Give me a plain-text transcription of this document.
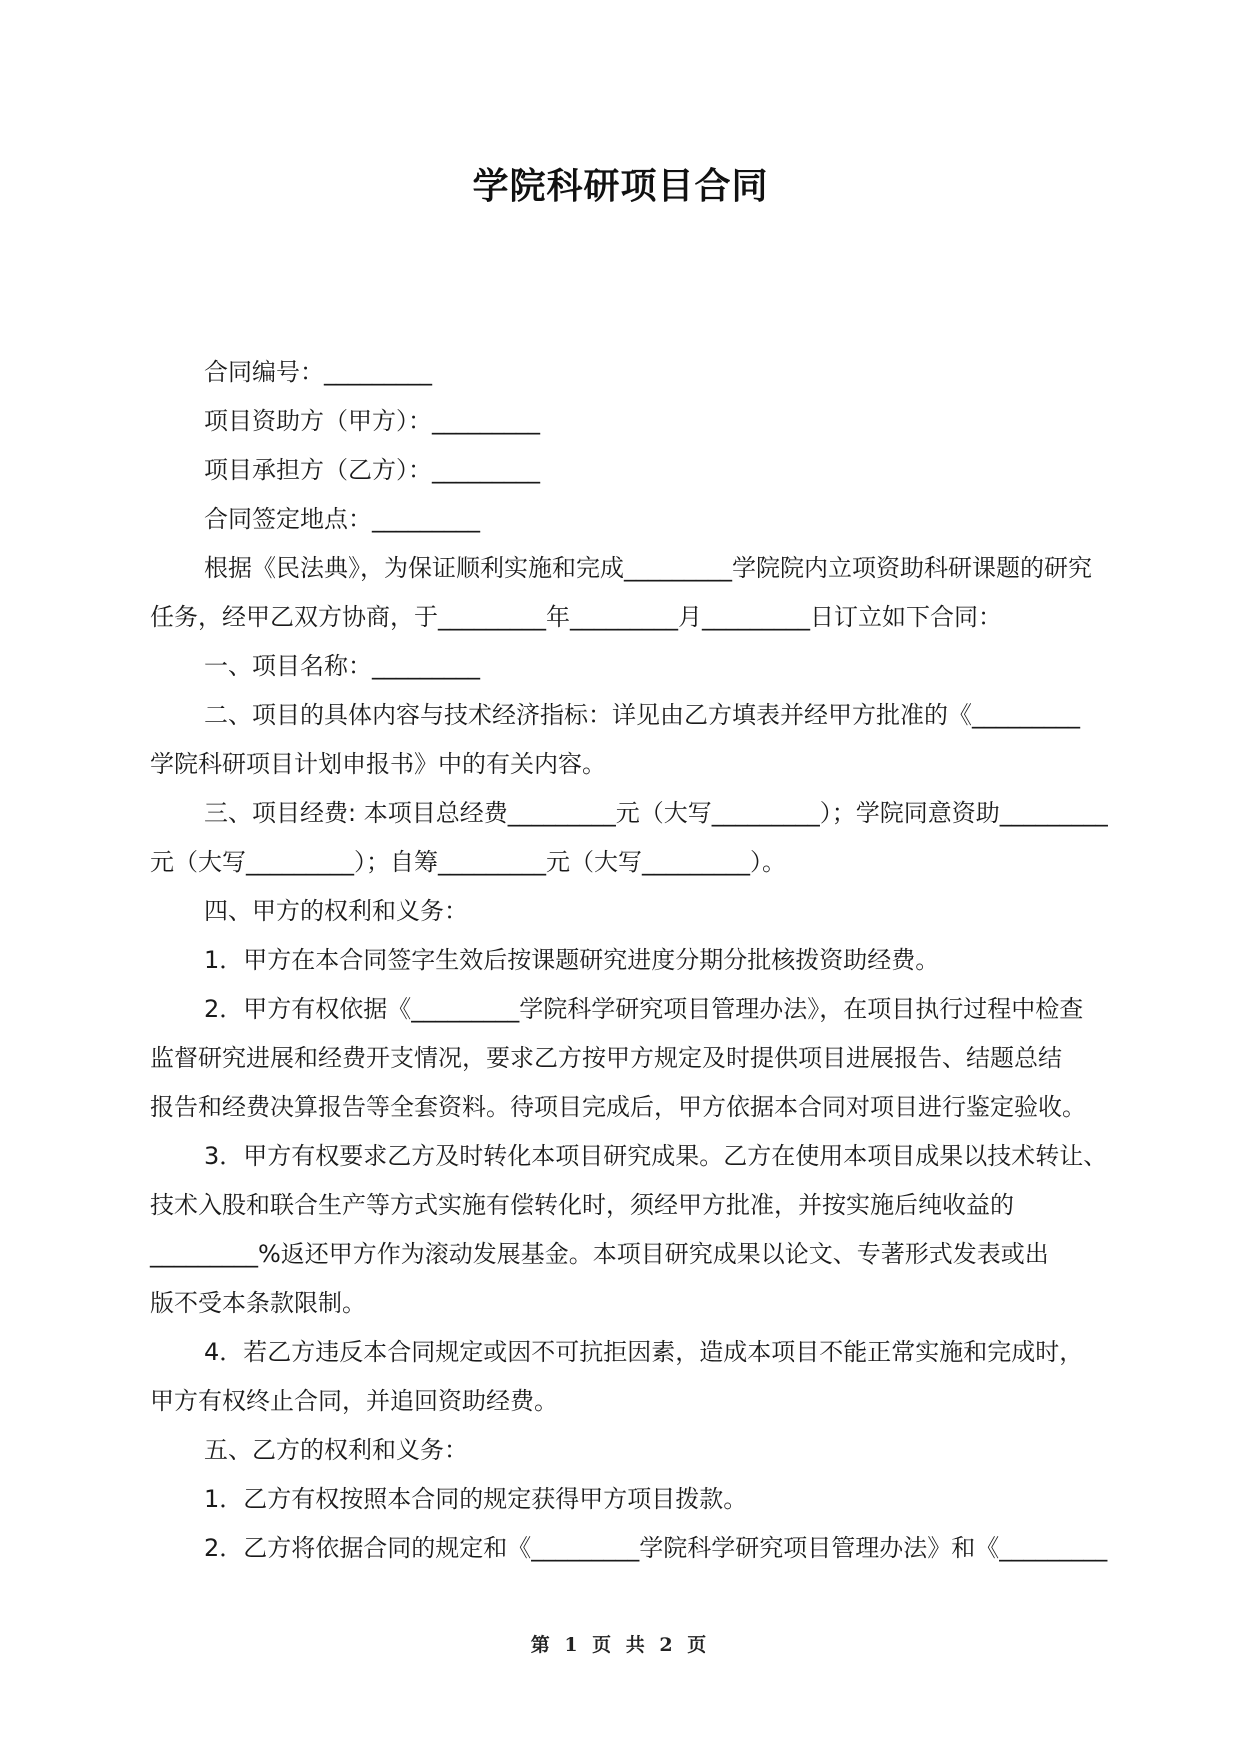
学院科研项目合同
合同编号：_________
项目资助方（甲方）：_________
项目承担方（乙方）：_________
合同签定地点：_________
根据《民法典》，为保证顺利实施和完成_________学院院内立项资助科研课题的研究
任务，经甲乙双方协商，于_________年_________月_________日订立如下合同：
一、项目名称：_________
二、项目的具体内容与技术经济指标：详见由乙方填表并经甲方批准的《_________
学院科研项目计划申报书》中的有关内容。
三、项目经费: 本项目总经费_________元（大写_________）；学院同意资助_________
元（大写_________）；自筹_________元（大写_________）。
四、甲方的权利和义务：
1．甲方在本合同签字生效后按课题研究进度分期分批核拨资助经费。
2．甲方有权依据《_________学院科学研究项目管理办法》，在项目执行过程中检查
监督研究进展和经费开支情况，要求乙方按甲方规定及时提供项目进展报告、结题总结
报告和经费决算报告等全套资料。待项目完成后，甲方依据本合同对项目进行鉴定验收。
3．甲方有权要求乙方及时转化本项目研究成果。乙方在使用本项目成果以技术转让、
技术入股和联合生产等方式实施有偿转化时，须经甲方批准，并按实施后纯收益的
_________%返还甲方作为滚动发展基金。本项目研究成果以论文、专著形式发表或出
版不受本条款限制。
4．若乙方违反本合同规定或因不可抗拒因素，造成本项目不能正常实施和完成时，
甲方有权终止合同，并追回资助经费。
五、乙方的权利和义务：
1．乙方有权按照本合同的规定获得甲方项目拨款。
2．乙方将依据合同的规定和《_________学院科学研究项目管理办法》和《_________
第 1 页 共 2 页
